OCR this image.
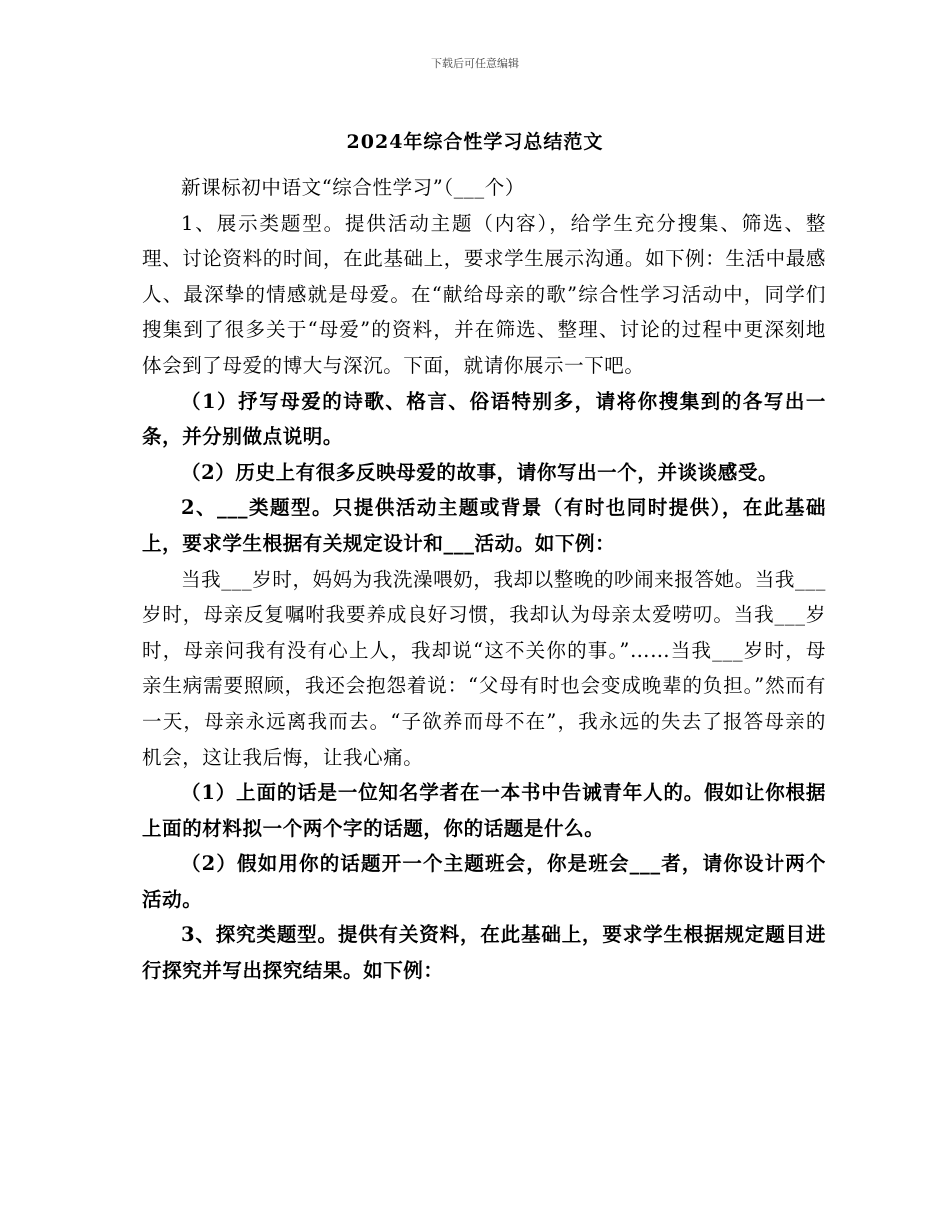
下载后可任意编辑
2024年综合性学习总结范文

新课标初中语文“综合性学习”（___个）

1、展示类题型。提供活动主题（内容），给学生充分搜集、筛选、整理、讨论资料的时间，在此基础上，要求学生展示沟通。如下例：生活中最感人、最深挚的情感就是母爱。在“献给母亲的歌”综合性学习活动中，同学们搜集到了很多关于“母爱”的资料，并在筛选、整理、讨论的过程中更深刻地体会到了母爱的博大与深沉。下面，就请你展示一下吧。

（1）抒写母爱的诗歌、格言、俗语特别多，请将你搜集到的各写出一条，并分别做点说明。

（2）历史上有很多反映母爱的故事，请你写出一个，并谈谈感受。

2、___类题型。只提供活动主题或背景（有时也同时提供），在此基础上，要求学生根据有关规定设计和___活动。如下例：

当我___岁时，妈妈为我洗澡喂奶，我却以整晚的吵闹来报答她。当我___岁时，母亲反复嘱咐我要养成良好习惯，我却认为母亲太爱唠叨。当我___岁时，母亲问我有没有心上人，我却说“这不关你的事。”……当我___岁时，母亲生病需要照顾，我还会抱怨着说：“父母有时也会变成晚辈的负担。”然而有一天，母亲永远离我而去。“子欲养而母不在”，我永远的失去了报答母亲的机会，这让我后悔，让我心痛。

（1）上面的话是一位知名学者在一本书中告诫青年人的。假如让你根据上面的材料拟一个两个字的话题，你的话题是什么。

（2）假如用你的话题开一个主题班会，你是班会___者，请你设计两个活动。

3、探究类题型。提供有关资料，在此基础上，要求学生根据规定题目进行探究并写出探究结果。如下例：
